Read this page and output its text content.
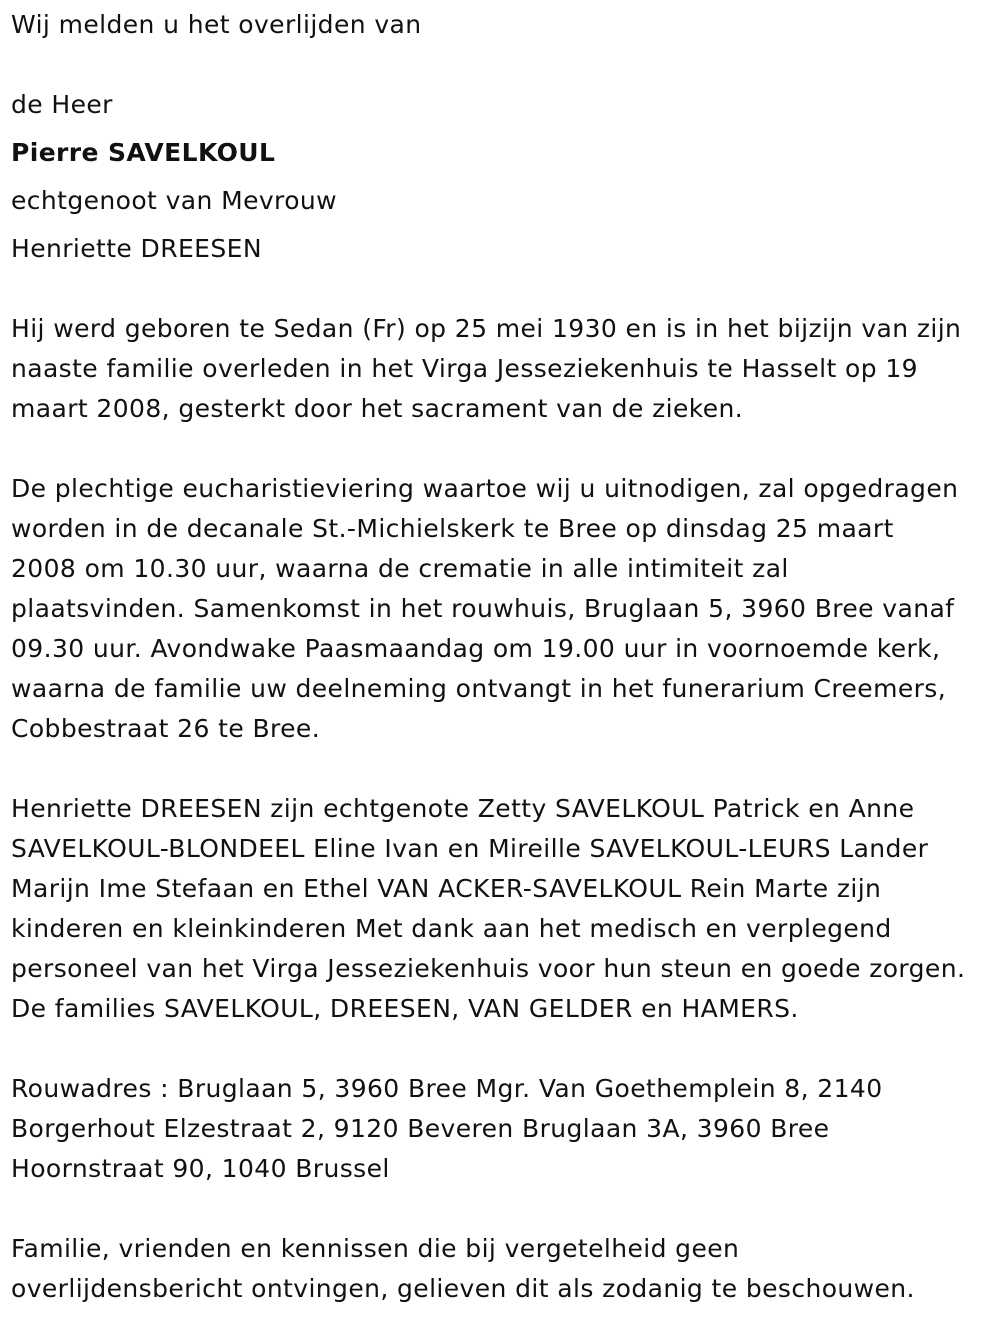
Wij melden u het overlijden van

de Heer

Pierre SAVELKOUL

echtgenoot van Mevrouw

Henriette DREESEN

Hij werd geboren te Sedan (Fr) op 25 mei 1930 en is in het bijzijn van zijn
naaste familie overleden in het Virga Jesseziekenhuis te Hasselt op 19
maart 2008, gesterkt door het sacrament van de zieken.

De plechtige eucharistieviering waartoe wij u uitnodigen, zal opgedragen
worden in de decanale St.-Michielskerk te Bree op dinsdag 25 maart
2008 om 10.30 uur, waarna de crematie in alle intimiteit zal
plaatsvinden. Samenkomst in het rouwhuis, Bruglaan 5, 3960 Bree vanaf
09.30 uur. Avondwake Paasmaandag om 19.00 uur in voornoemde kerk,
waarna de familie uw deelneming ontvangt in het funerarium Creemers,
Cobbestraat 26 te Bree.

Henriette DREESEN zijn echtgenote Zetty SAVELKOUL Patrick en Anne
SAVELKOUL-BLONDEEL Eline Ivan en Mireille SAVELKOUL-LEURS Lander
Marijn Ime Stefaan en Ethel VAN ACKER-SAVELKOUL Rein Marte zijn
kinderen en kleinkinderen Met dank aan het medisch en verplegend
personeel van het Virga Jesseziekenhuis voor hun steun en goede zorgen.
De families SAVELKOUL, DREESEN, VAN GELDER en HAMERS.

Rouwadres : Bruglaan 5, 3960 Bree Mgr. Van Goethemplein 8, 2140
Borgerhout Elzestraat 2, 9120 Beveren Bruglaan 3A, 3960 Bree
Hoornstraat 90, 1040 Brussel

Familie, vrienden en kennissen die bij vergetelheid geen
overlijdensbericht ontvingen, gelieven dit als zodanig te beschouwen.
